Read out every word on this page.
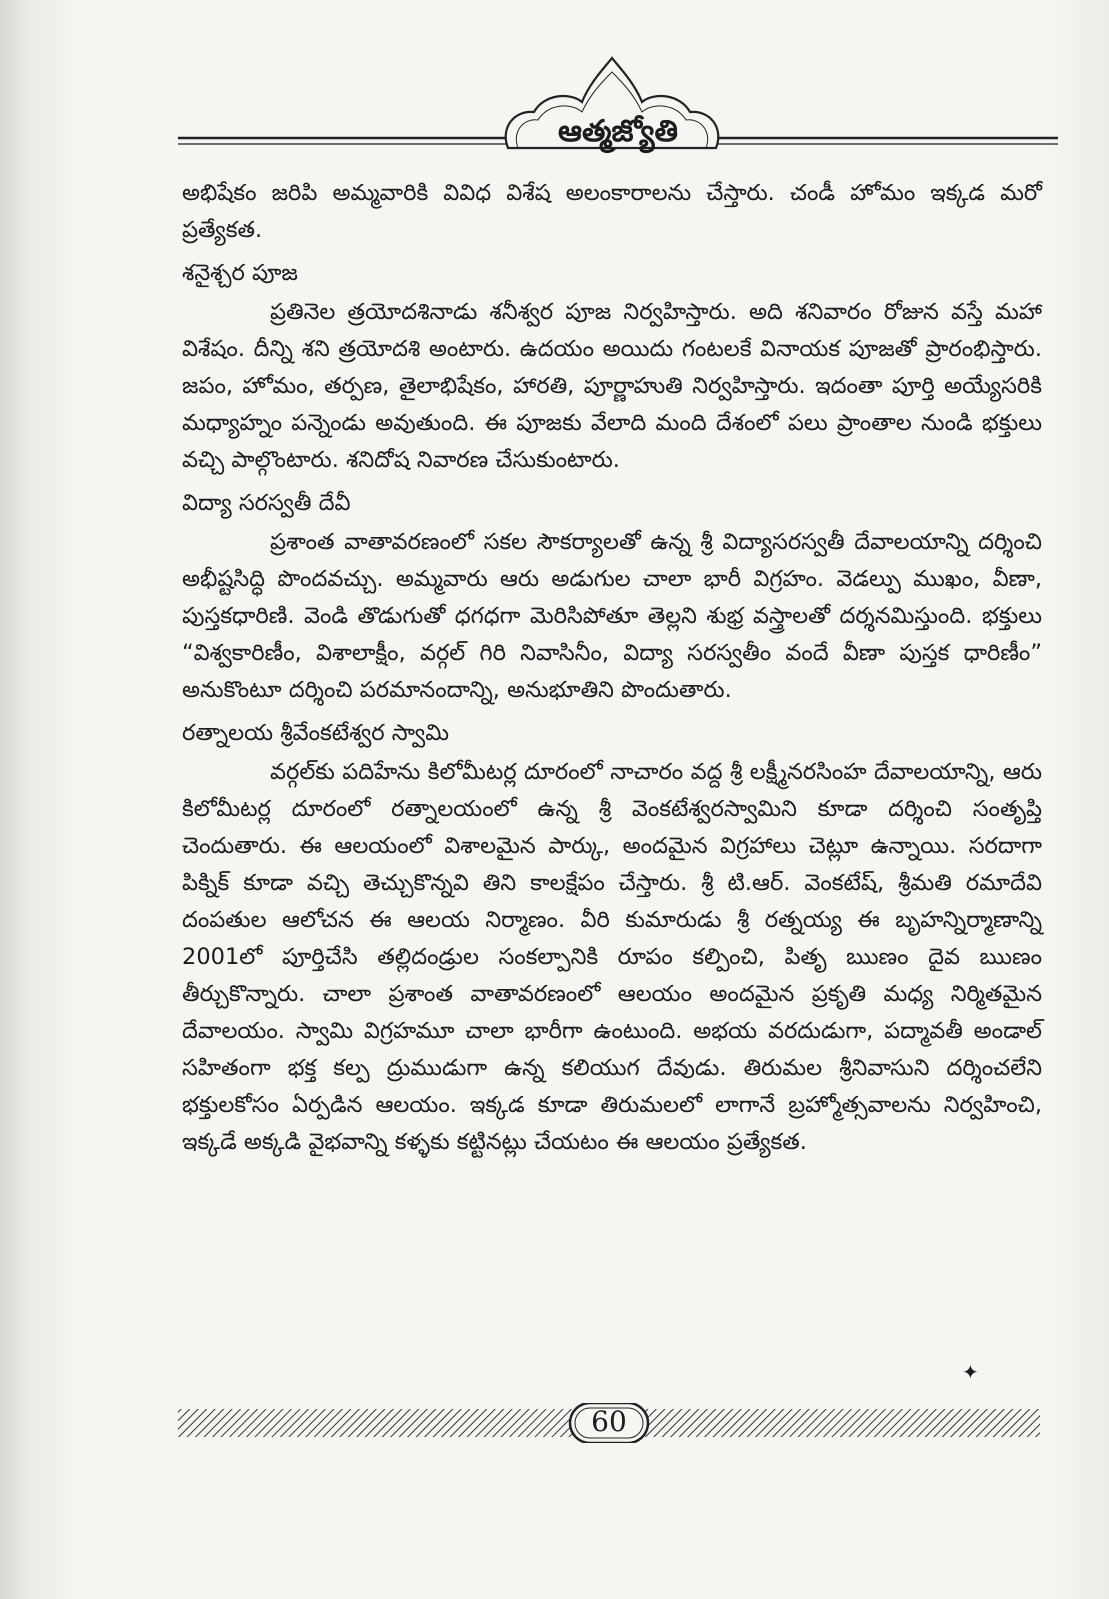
ఆత్మజ్యోతి

అభిషేకం జరిపి అమ్మవారికి వివిధ విశేష అలంకారాలను చేస్తారు. చండీ హోమం ఇక్కడ మరో ప్రత్యేకత.

శనైశ్చర పూజ

ప్రతినెల త్రయోదశినాడు శనీశ్వర పూజ నిర్వహిస్తారు. అది శనివారం రోజున వస్తే మహా విశేషం. దీన్ని శని త్రయోదశి అంటారు. ఉదయం అయిదు గంటలకే వినాయక పూజతో ప్రారంభిస్తారు. జపం, హోమం, తర్పణ, తైలాభిషేకం, హారతి, పూర్ణాహుతి నిర్వహిస్తారు. ఇదంతా పూర్తి అయ్యేసరికి మధ్యాహ్నం పన్నెండు అవుతుంది. ఈ పూజకు వేలాది మంది దేశంలో పలు ప్రాంతాల నుండి భక్తులు వచ్చి పాల్గొంటారు. శనిదోష నివారణ చేసుకుంటారు.

విద్యా సరస్వతీ దేవీ

ప్రశాంత వాతావరణంలో సకల సౌకర్యాలతో ఉన్న శ్రీ విద్యాసరస్వతీ దేవాలయాన్ని దర్శించి అభీష్టసిద్ధి పొందవచ్చు. అమ్మవారు ఆరు అడుగుల చాలా భారీ విగ్రహం. వెడల్పు ముఖం, వీణా, పుస్తకధారిణి. వెండి తొడుగుతో ధగధగా మెరిసిపోతూ తెల్లని శుభ్ర వస్త్రాలతో దర్శనమిస్తుంది. భక్తులు “విశ్వకారిణీం, విశాలాక్షీం, వర్గల్ గిరి నివాసినీం, విద్యా సరస్వతీం వందే వీణా పుస్తక ధారిణీం” అనుకొంటూ దర్శించి పరమానందాన్ని, అనుభూతిని పొందుతారు.

రత్నాలయ శ్రీవేంకటేశ్వర స్వామి

వర్గల్‌కు పదిహేను కిలోమీటర్ల దూరంలో నాచారం వద్ద శ్రీ లక్ష్మీనరసింహ దేవాలయాన్ని, ఆరు కిలోమీటర్ల దూరంలో రత్నాలయంలో ఉన్న శ్రీ వెంకటేశ్వరస్వామిని కూడా దర్శించి సంతృప్తి చెందుతారు. ఈ ఆలయంలో విశాలమైన పార్కు, అందమైన విగ్రహాలు చెట్లూ ఉన్నాయి. సరదాగా పిక్నిక్ కూడా వచ్చి తెచ్చుకొన్నవి తిని కాలక్షేపం చేస్తారు. శ్రీ టి.ఆర్. వెంకటేష్, శ్రీమతి రమాదేవి దంపతుల ఆలోచన ఈ ఆలయ నిర్మాణం. వీరి కుమారుడు శ్రీ రత్నయ్య ఈ బృహన్నిర్మాణాన్ని 2001లో పూర్తిచేసి తల్లిదండ్రుల సంకల్పానికి రూపం కల్పించి, పితృ ఋణం దైవ ఋణం తీర్చుకొన్నారు. చాలా ప్రశాంత వాతావరణంలో ఆలయం అందమైన ప్రకృతి మధ్య నిర్మితమైన దేవాలయం. స్వామి విగ్రహమూ చాలా భారీగా ఉంటుంది. అభయ వరదుడుగా, పద్మావతీ అండాల్ సహితంగా భక్త కల్ప ద్రుముడుగా ఉన్న కలియుగ దేవుడు. తిరుమల శ్రీనివాసుని దర్శించలేని భక్తులకోసం ఏర్పడిన ఆలయం. ఇక్కడ కూడా తిరుమలలో లాగానే బ్రహ్మోత్సవాలను నిర్వహించి, ఇక్కడే అక్కడి వైభవాన్ని కళ్ళకు కట్టినట్లు చేయటం ఈ ఆలయం ప్రత్యేకత.

✦
60
